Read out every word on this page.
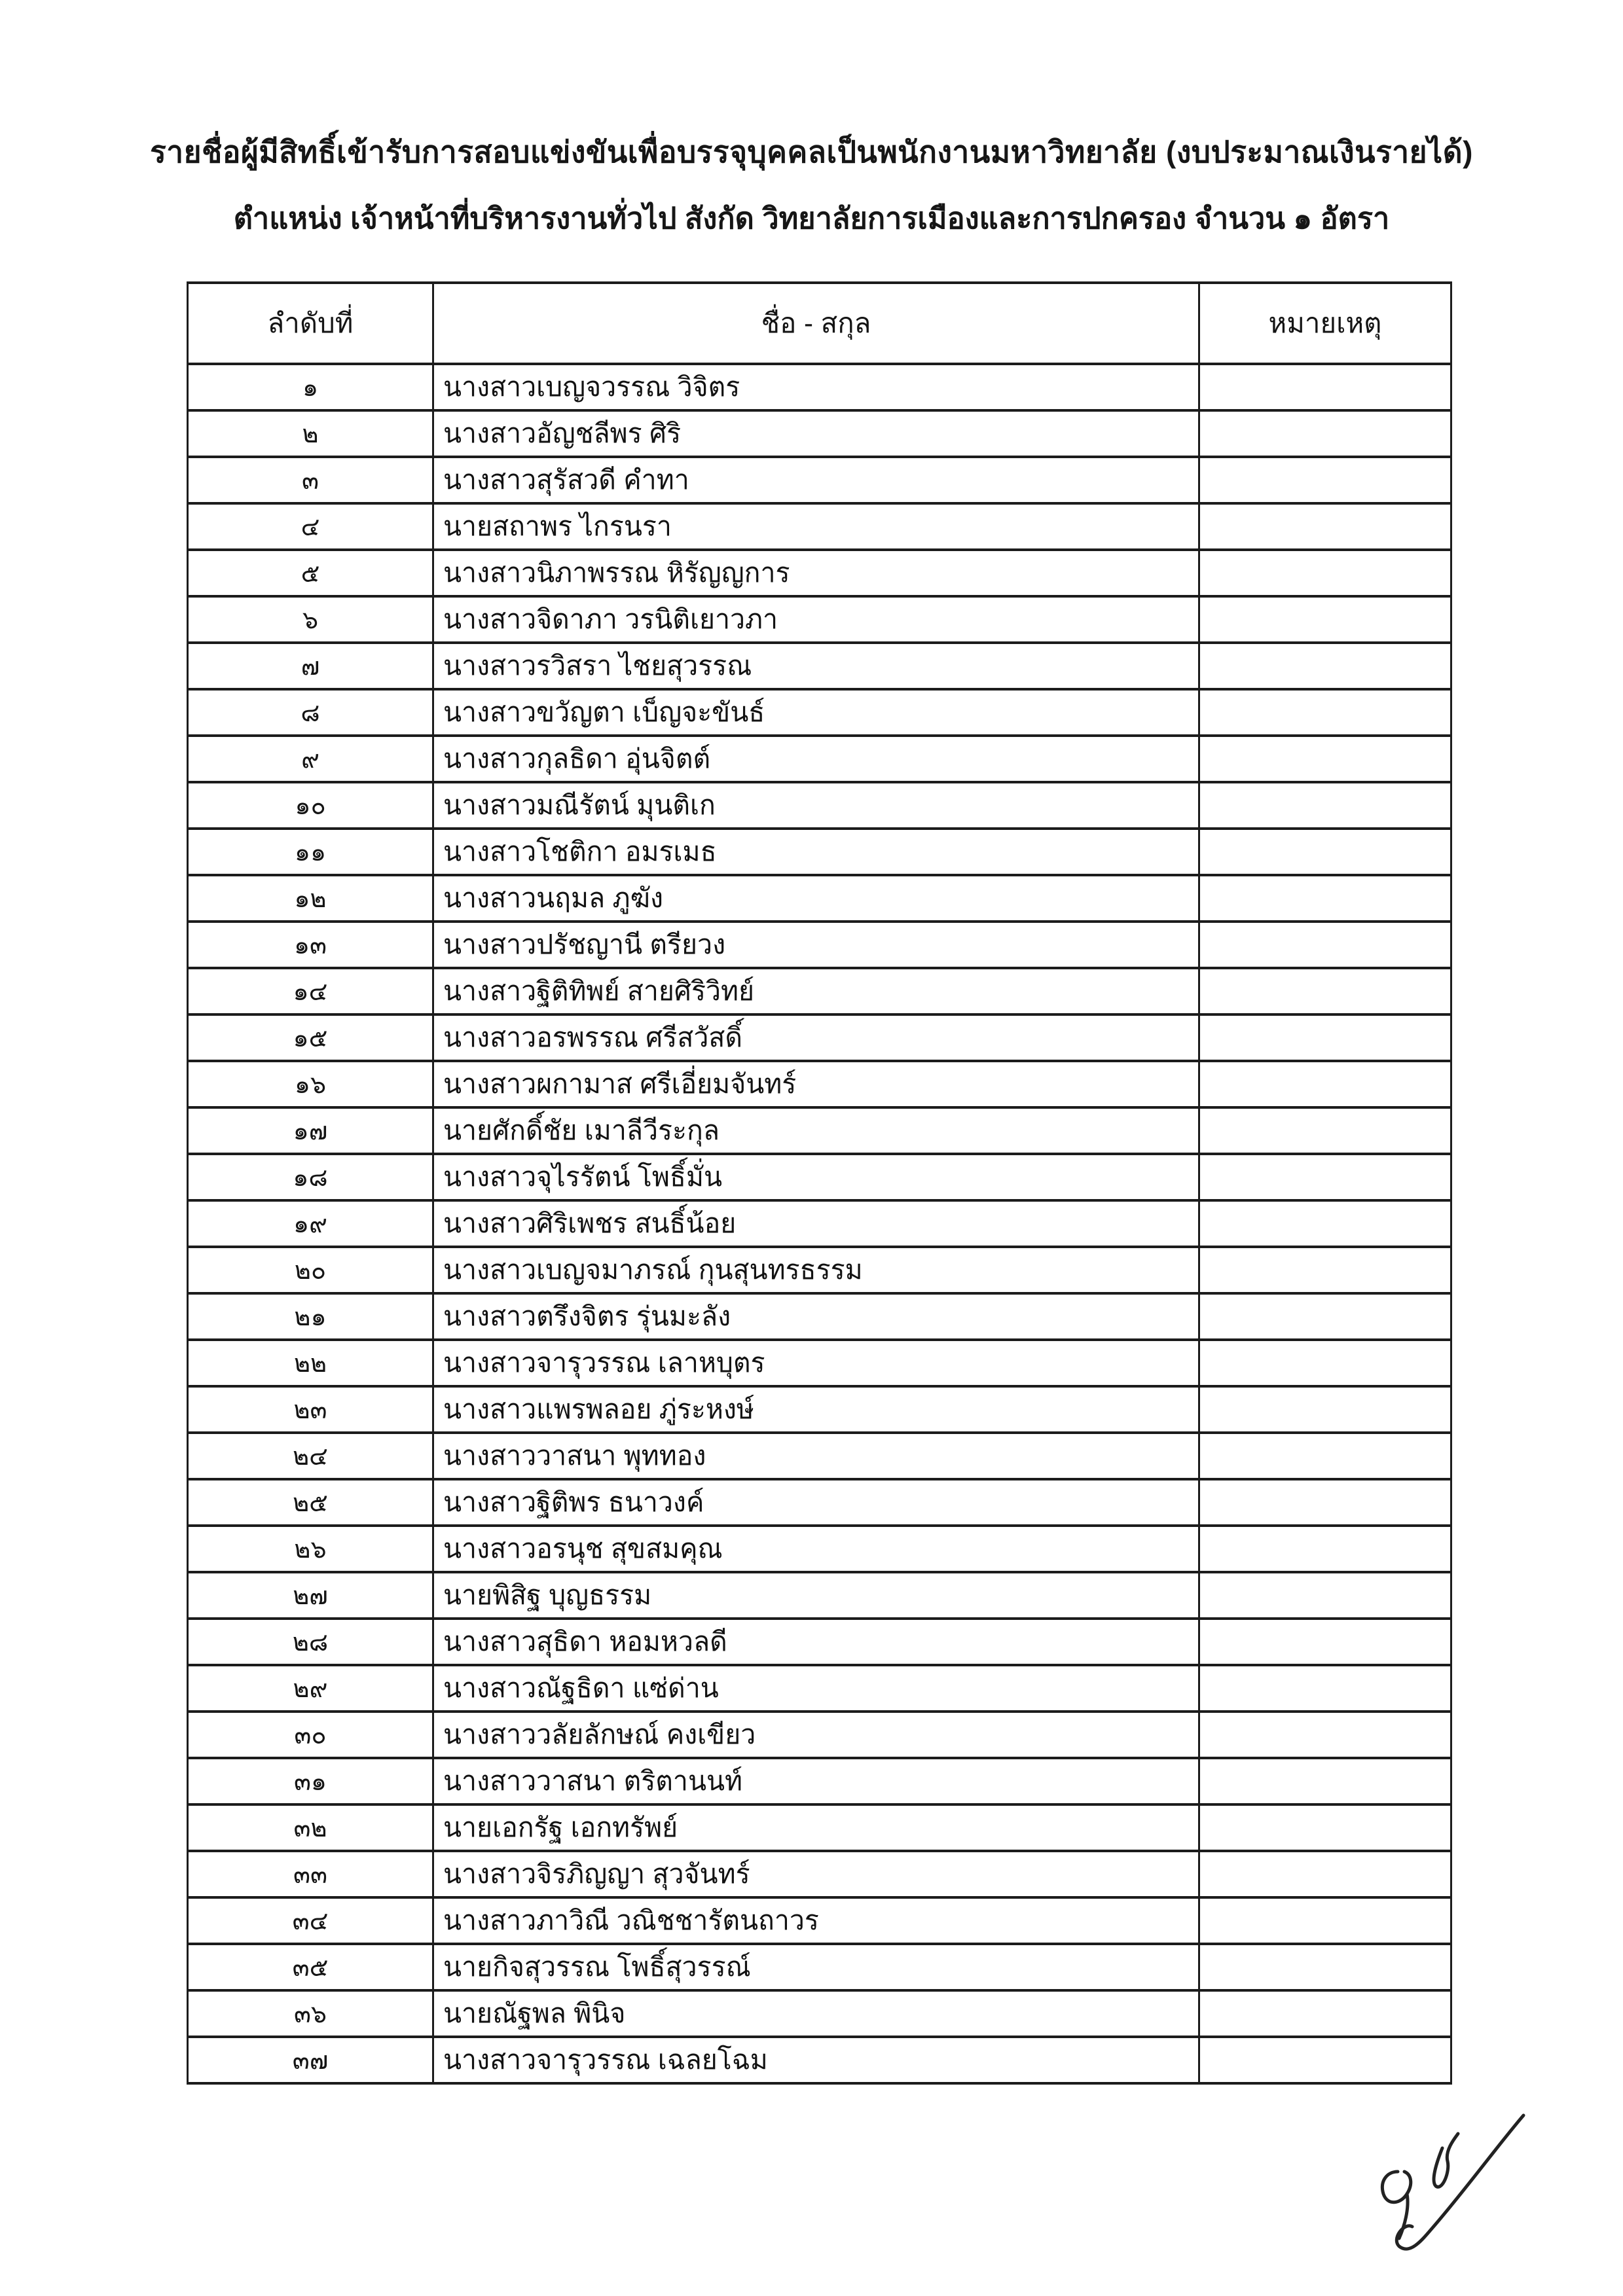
รายชื่อผู้มีสิทธิ์เข้ารับการสอบแข่งขันเพื่อบรรจุบุคคลเป็นพนักงานมหาวิทยาลัย (งบประมาณเงินรายได้)
ตำแหน่ง เจ้าหน้าที่บริหารงานทั่วไป สังกัด วิทยาลัยการเมืองและการปกครอง จำนวน ๑ อัตรา
ลำดับที่	ชื่อ - สกุล	หมายเหตุ
๑	นางสาวเบญจวรรณ วิจิตร	
๒	นางสาวอัญชลีพร ศิริ	
๓	นางสาวสุรัสวดี คำทา	
๔	นายสถาพร ไกรนรา	
๕	นางสาวนิภาพรรณ หิรัญญการ	
๖	นางสาวจิดาภา วรนิติเยาวภา	
๗	นางสาวรวิสรา ไชยสุวรรณ	
๘	นางสาวขวัญตา เบ็ญจะขันธ์	
๙	นางสาวกุลธิดา อุ่นจิตต์	
๑๐	นางสาวมณีรัตน์ มุนติเก	
๑๑	นางสาวโชติกา อมรเมธ	
๑๒	นางสาวนฤมล ภูฆัง	
๑๓	นางสาวปรัชญานี ตรียวง	
๑๔	นางสาวฐิติทิพย์ สายศิริวิทย์	
๑๕	นางสาวอรพรรณ ศรีสวัสดิ์	
๑๖	นางสาวผกามาส ศรีเอี่ยมจันทร์	
๑๗	นายศักดิ์ชัย เมาลีวีระกุล	
๑๘	นางสาวจุไรรัตน์ โพธิ์มั่น	
๑๙	นางสาวศิริเพชร สนธิ์น้อย	
๒๐	นางสาวเบญจมาภรณ์ กุนสุนทรธรรม	
๒๑	นางสาวตรึงจิตร รุ่นมะลัง	
๒๒	นางสาวจารุวรรณ เลาหบุตร	
๒๓	นางสาวแพรพลอย ภู่ระหงษ์	
๒๔	นางสาววาสนา พุททอง	
๒๕	นางสาวฐิติพร ธนาวงค์	
๒๖	นางสาวอรนุช สุขสมคุณ	
๒๗	นายพิสิฐ บุญธรรม	
๒๘	นางสาวสุธิดา หอมหวลดี	
๒๙	นางสาวณัฐธิดา แซ่ด่าน	
๓๐	นางสาววลัยลักษณ์ คงเขียว	
๓๑	นางสาววาสนา ตริตานนท์	
๓๒	นายเอกรัฐ เอกทรัพย์	
๓๓	นางสาวจิรภิญญา สุวจันทร์	
๓๔	นางสาวภาวิณี วณิชชารัตนถาวร	
๓๕	นายกิจสุวรรณ โพธิ์สุวรรณ์	
๓๖	นายณัฐพล พินิจ	
๓๗	นางสาวจารุวรรณ เฉลยโฉม	
